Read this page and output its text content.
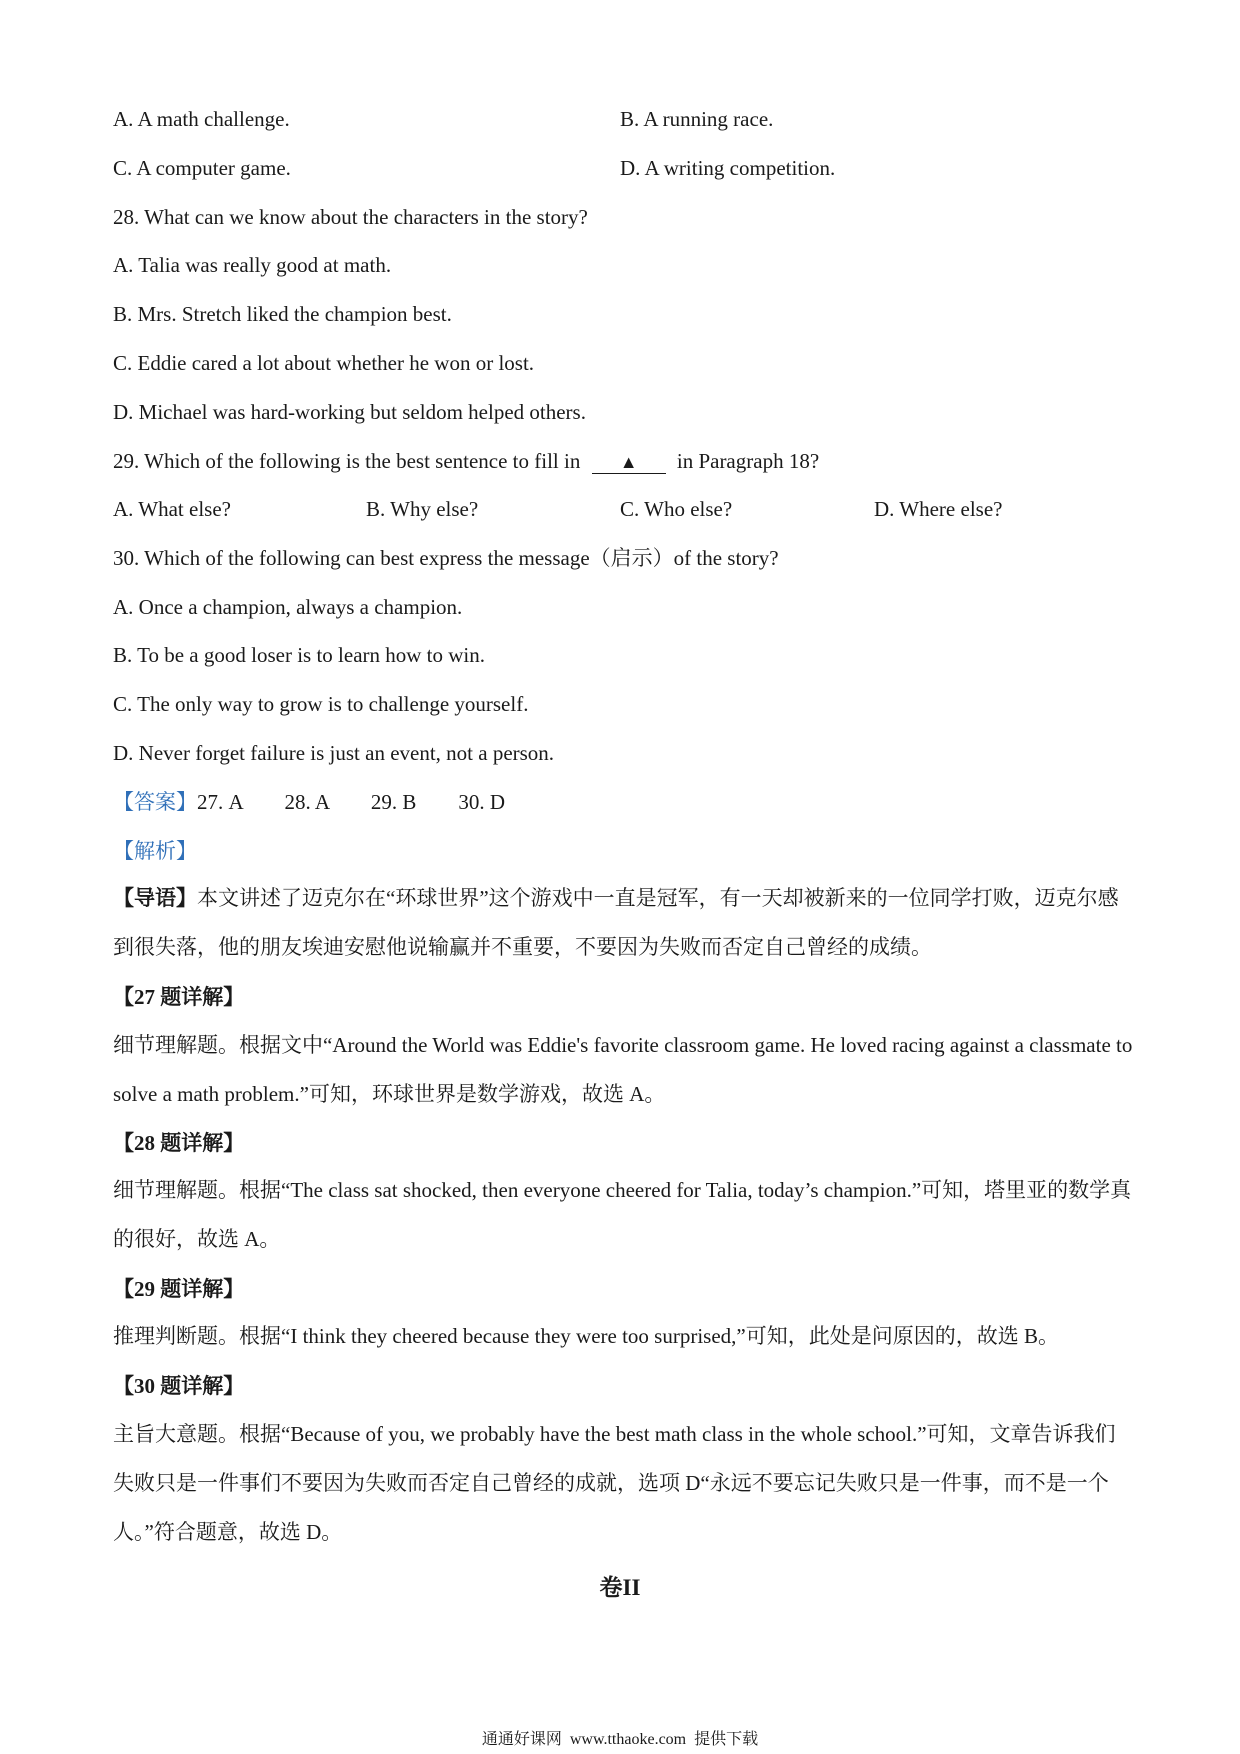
A. A math challenge.	B. A running race.
C. A computer game.	D. A writing competition.
28. What can we know about the characters in the story?
A. Talia was really good at math.
B. Mrs. Stretch liked the champion best.
C. Eddie cared a lot about whether he won or lost.
D. Michael was hard-working but seldom helped others.
29. Which of the following is the best sentence to fill in ▲ in Paragraph 18?
A. What else?	B. Why else?	C. Who else?	D. Where else?
30. Which of the following can best express the message（启示）of the story?
A. Once a champion, always a champion.
B. To be a good loser is to learn how to win.
C. The only way to grow is to challenge yourself.
D. Never forget failure is just an event, not a person.
【答案】27. A        28. A        29. B        30. D
【解析】
【导语】本文讲述了迈克尔在“环球世界”这个游戏中一直是冠军，有一天却被新来的一位同学打败，迈克尔感到很失落，他的朋友埃迪安慰他说输赢并不重要，不要因为失败而否定自己曾经的成绩。
【27 题详解】
细节理解题。根据文中“Around the World was Eddie's favorite classroom game. He loved racing against a classmate to solve a math problem.”可知，环球世界是数学游戏，故选 A。
【28 题详解】
细节理解题。根据“The class sat shocked, then everyone cheered for Talia, today’s champion.”可知，塔里亚的数学真的很好，故选 A。
【29 题详解】
推理判断题。根据“I think they cheered because they were too surprised,”可知，此处是问原因的，故选 B。
【30 题详解】
主旨大意题。根据“Because of you, we probably have the best math class in the whole school.”可知，文章告诉我们失败只是一件事们不要因为失败而否定自己曾经的成就，选项 D“永远不要忘记失败只是一件事，而不是一个人。”符合题意，故选 D。
卷II
通通好课网  www.tthaoke.com  提供下载
